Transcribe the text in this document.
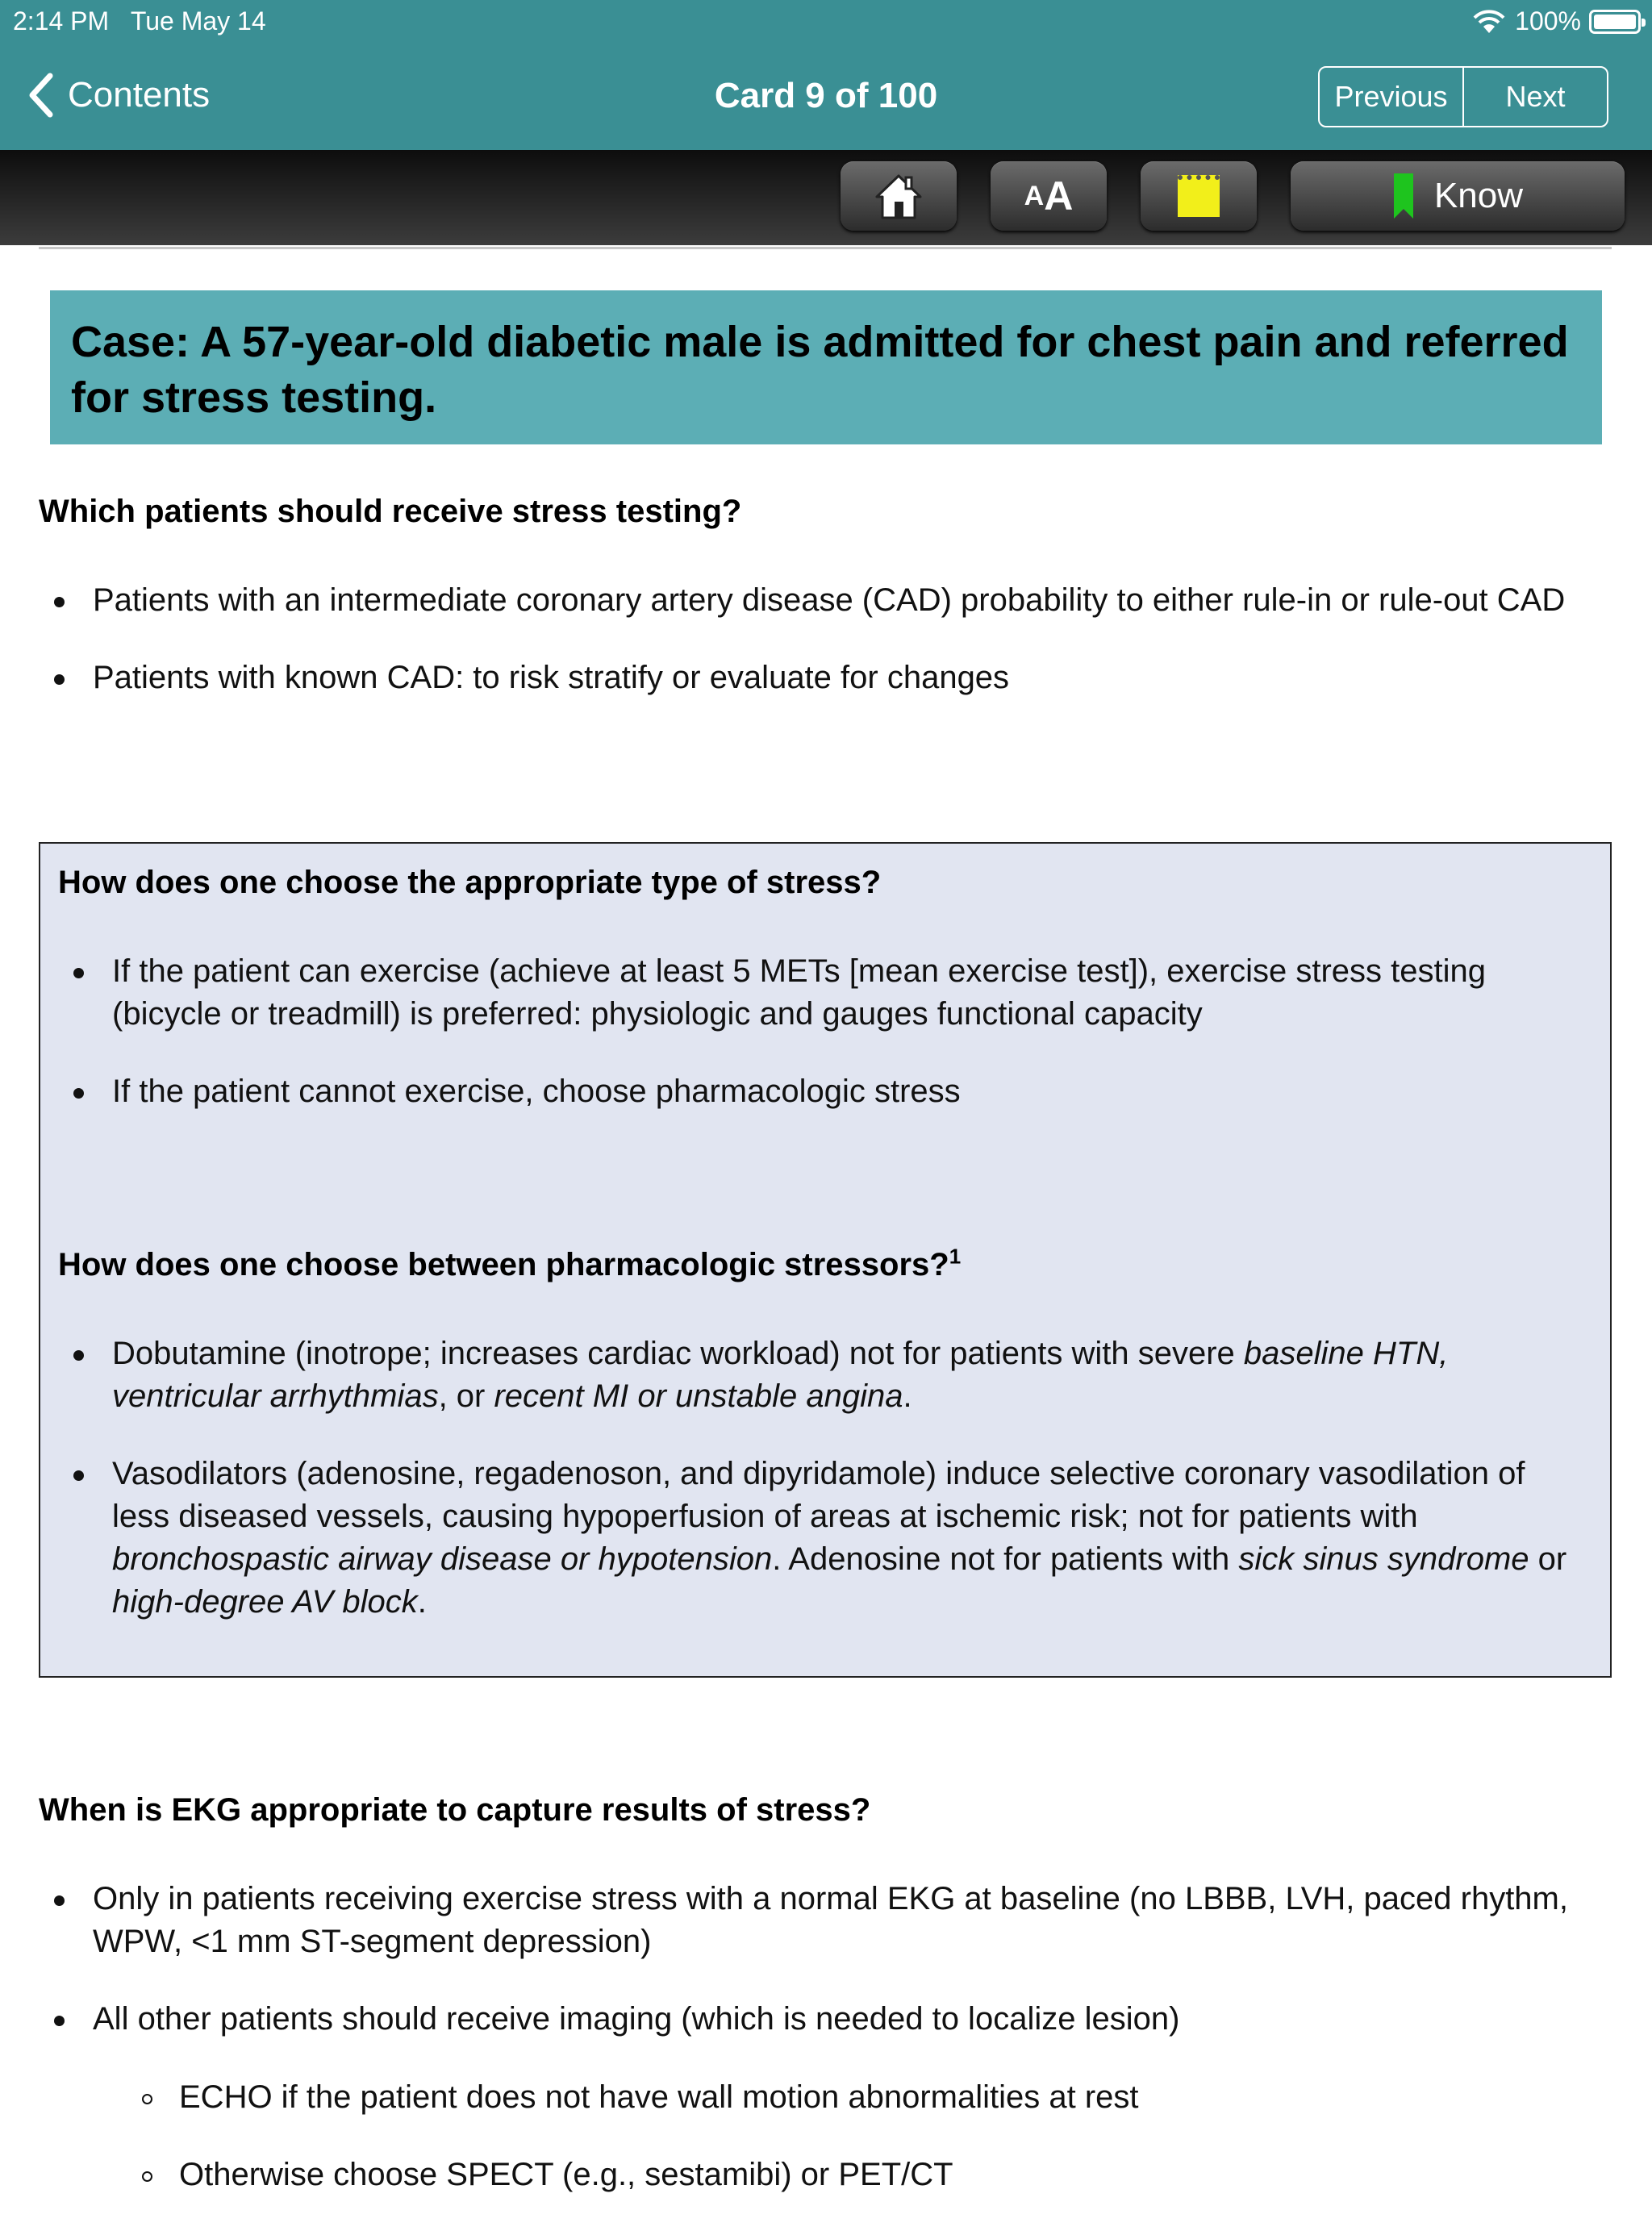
2:14 PM Tue May 14	100%
Contents	Card 9 of 100	Previous	Next
A A	Know

Case: A 57-year-old diabetic male is admitted for chest pain and referred for stress testing.

Which patients should receive stress testing?

Patients with an intermediate coronary artery disease (CAD) probability to either rule-in or rule-out CAD
Patients with known CAD: to risk stratify or evaluate for changes

How does one choose the appropriate type of stress?

If the patient can exercise (achieve at least 5 METs [mean exercise test]), exercise stress testing (bicycle or treadmill) is preferred: physiologic and gauges functional capacity
If the patient cannot exercise, choose pharmacologic stress

How does one choose between pharmacologic stressors?$^1$

Dobutamine (inotrope; increases cardiac workload) not for patients with severe baseline HTN, ventricular arrhythmias, or recent MI or unstable angina.
Vasodilators (adenosine, regadenoson, and dipyridamole) induce selective coronary vasodilation of less diseased vessels, causing hypoperfusion of areas at ischemic risk; not for patients with bronchospastic airway disease or hypotension. Adenosine not for patients with sick sinus syndrome or high-degree AV block.

When is EKG appropriate to capture results of stress?

Only in patients receiving exercise stress with a normal EKG at baseline (no LBBB, LVH, paced rhythm, WPW, <1 mm ST-segment depression)
All other patients should receive imaging (which is needed to localize lesion)
ECHO if the patient does not have wall motion abnormalities at rest
Otherwise choose SPECT (e.g., sestamibi) or PET/CT
